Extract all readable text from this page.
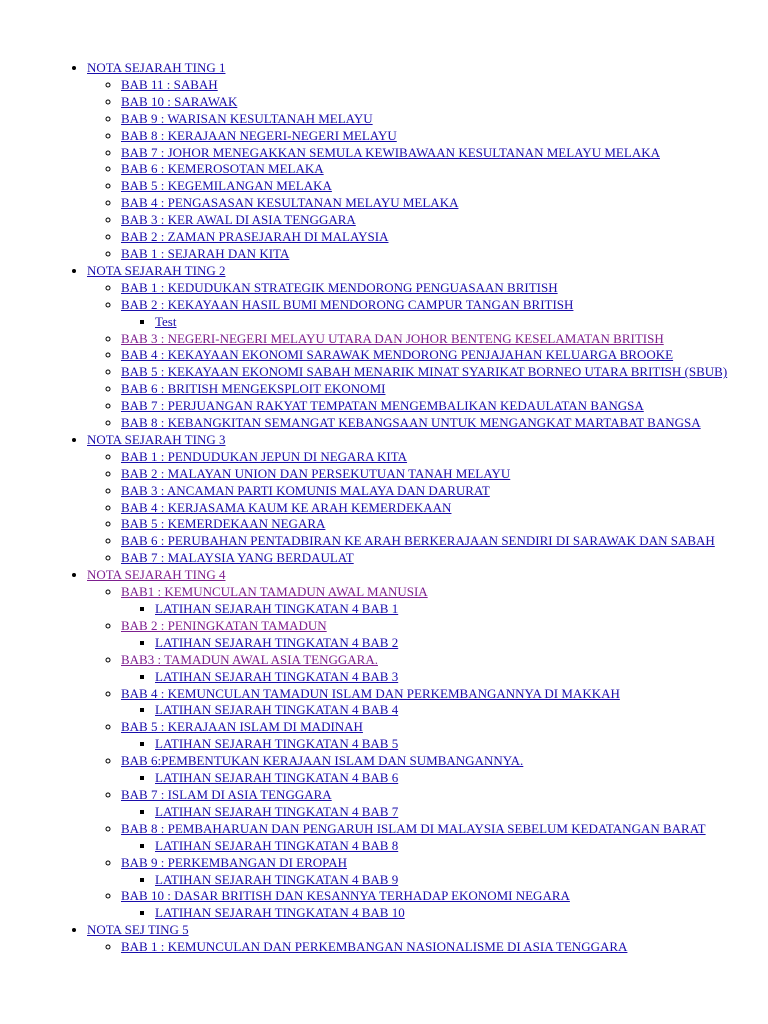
• NOTA SEJARAH TING 1
◦ BAB 11 : SABAH
◦ BAB 10 : SARAWAK
◦ BAB 9 : WARISAN KESULTANAH MELAYU
◦ BAB 8 : KERAJAAN NEGERI-NEGERI MELAYU
◦ BAB 7 : JOHOR MENEGAKKAN SEMULA KEWIBAWAAN KESULTANAN MELAYU MELAKA
◦ BAB 6 : KEMEROSOTAN MELAKA
◦ BAB 5 : KEGEMILANGAN MELAKA
◦ BAB 4 : PENGASASAN KESULTANAN MELAYU MELAKA
◦ BAB 3 : KER AWAL DI ASIA TENGGARA
◦ BAB 2 : ZAMAN PRASEJARAH DI MALAYSIA
◦ BAB 1 : SEJARAH DAN KITA
• NOTA SEJARAH TING 2
◦ BAB 1 : KEDUDUKAN STRATEGIK MENDORONG PENGUASAAN BRITISH
◦ BAB 2 : KEKAYAAN HASIL BUMI MENDORONG CAMPUR TANGAN BRITISH
▪ Test
◦ BAB 3 : NEGERI-NEGERI MELAYU UTARA DAN JOHOR BENTENG KESELAMATAN BRITISH
◦ BAB 4 : KEKAYAAN EKONOMI SARAWAK MENDORONG PENJAJAHAN KELUARGA BROOKE
◦ BAB 5 : KEKAYAAN EKONOMI SABAH MENARIK MINAT SYARIKAT BORNEO UTARA BRITISH (SBUB)
◦ BAB 6 : BRITISH MENGEKSPLOIT EKONOMI
◦ BAB 7 : PERJUANGAN RAKYAT TEMPATAN MENGEMBALIKAN KEDAULATAN BANGSA
◦ BAB 8 : KEBANGKITAN SEMANGAT KEBANGSAAN UNTUK MENGANGKAT MARTABAT BANGSA
• NOTA SEJARAH TING 3
◦ BAB 1 : PENDUDUKAN JEPUN DI NEGARA KITA
◦ BAB 2 : MALAYAN UNION DAN PERSEKUTUAN TANAH MELAYU
◦ BAB 3 : ANCAMAN PARTI KOMUNIS MALAYA DAN DARURAT
◦ BAB 4 : KERJASAMA KAUM KE ARAH KEMERDEKAAN
◦ BAB 5 : KEMERDEKAAN NEGARA
◦ BAB 6 : PERUBAHAN PENTADBIRAN KE ARAH BERKERAJAAN SENDIRI DI SARAWAK DAN SABAH
◦ BAB 7 : MALAYSIA YANG BERDAULAT
• NOTA SEJARAH TING 4
◦ BAB1 : KEMUNCULAN TAMADUN AWAL MANUSIA
▪ LATIHAN SEJARAH TINGKATAN 4 BAB 1
◦ BAB 2 : PENINGKATAN TAMADUN
▪ LATIHAN SEJARAH TINGKATAN 4 BAB 2
◦ BAB3 : TAMADUN AWAL ASIA TENGGARA.
▪ LATIHAN SEJARAH TINGKATAN 4 BAB 3
◦ BAB 4 : KEMUNCULAN TAMADUN ISLAM DAN PERKEMBANGANNYA DI MAKKAH
▪ LATIHAN SEJARAH TINGKATAN 4 BAB 4
◦ BAB 5 : KERAJAAN ISLAM DI MADINAH
▪ LATIHAN SEJARAH TINGKATAN 4 BAB 5
◦ BAB 6:PEMBENTUKAN KERAJAAN ISLAM DAN SUMBANGANNYA.
▪ LATIHAN SEJARAH TINGKATAN 4 BAB 6
◦ BAB 7 : ISLAM DI ASIA TENGGARA
▪ LATIHAN SEJARAH TINGKATAN 4 BAB 7
◦ BAB 8 : PEMBAHARUAN DAN PENGARUH ISLAM DI MALAYSIA SEBELUM KEDATANGAN BARAT
▪ LATIHAN SEJARAH TINGKATAN 4 BAB 8
◦ BAB 9 : PERKEMBANGAN DI EROPAH
▪ LATIHAN SEJARAH TINGKATAN 4 BAB 9
◦ BAB 10 : DASAR BRITISH DAN KESANNYA TERHADAP EKONOMI NEGARA
▪ LATIHAN SEJARAH TINGKATAN 4 BAB 10
• NOTA SEJ TING 5
◦ BAB 1 : KEMUNCULAN DAN PERKEMBANGAN NASIONALISME DI ASIA TENGGARA
